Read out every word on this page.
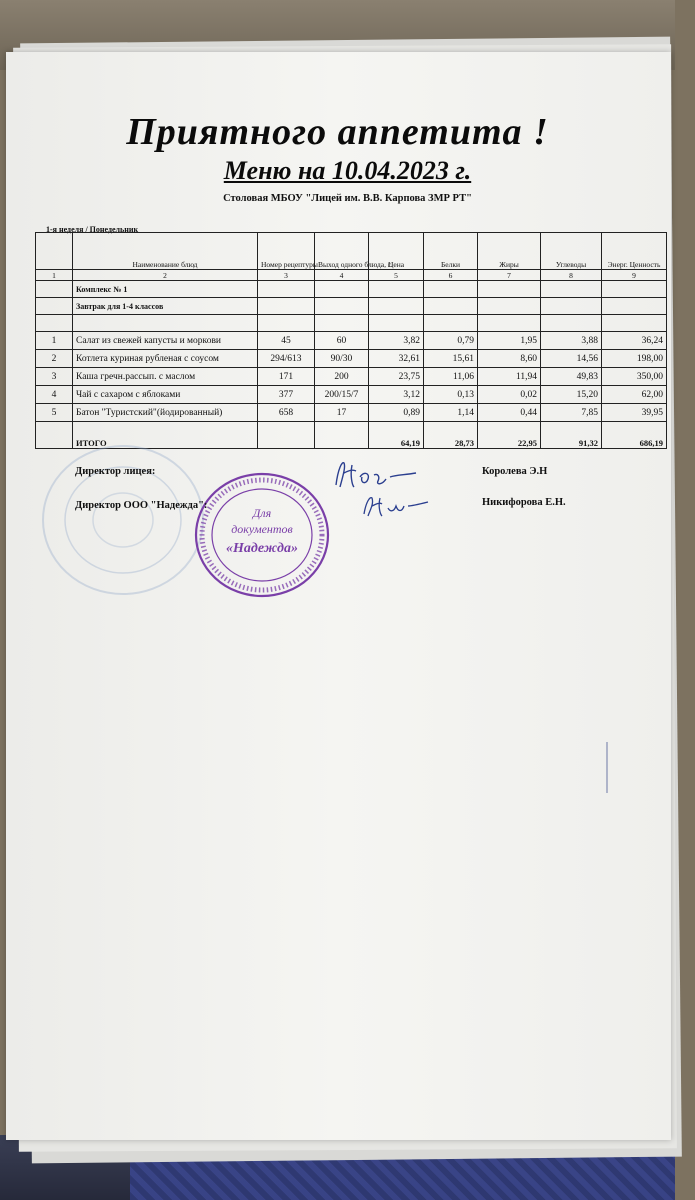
Приятного аппетита !
Меню на 10.04.2023 г.
Столовая МБОУ "Лицей им. В.В. Карпова ЗМР РТ"
1-я неделя / Понедельник
	Наименование блюд	Номер рецептуры	Выход одного блюда, г.	Цена	Белки	Жиры	Углеводы	Энерг. Ценность
1	2	3	4	5	6	7	8	9
	Комплекс № 1							
	Завтрак для 1-4 классов							

1	Салат из свежей капусты и моркови	45	60	3,82	0,79	1,95	3,88	36,24
2	Котлета куриная рубленая с соусом	294/613	90/30	32,61	15,61	8,60	14,56	198,00
3	Каша гречн.рассып. с маслом	171	200	23,75	11,06	11,94	49,83	350,00
4	Чай с сахаром с яблоками	377	200/15/7	3,12	0,13	0,02	15,20	62,00
5	Батон "Туристский"(йодированный)	658	17	0,89	1,14	0,44	7,85	39,95
	ИТОГО			64,19	28,73	22,95	91,32	686,19
Для
документов
«Надежда»
Директор лицея:	Королева Э.Н
Директор ООО "Надежда":	Никифорова Е.Н.
